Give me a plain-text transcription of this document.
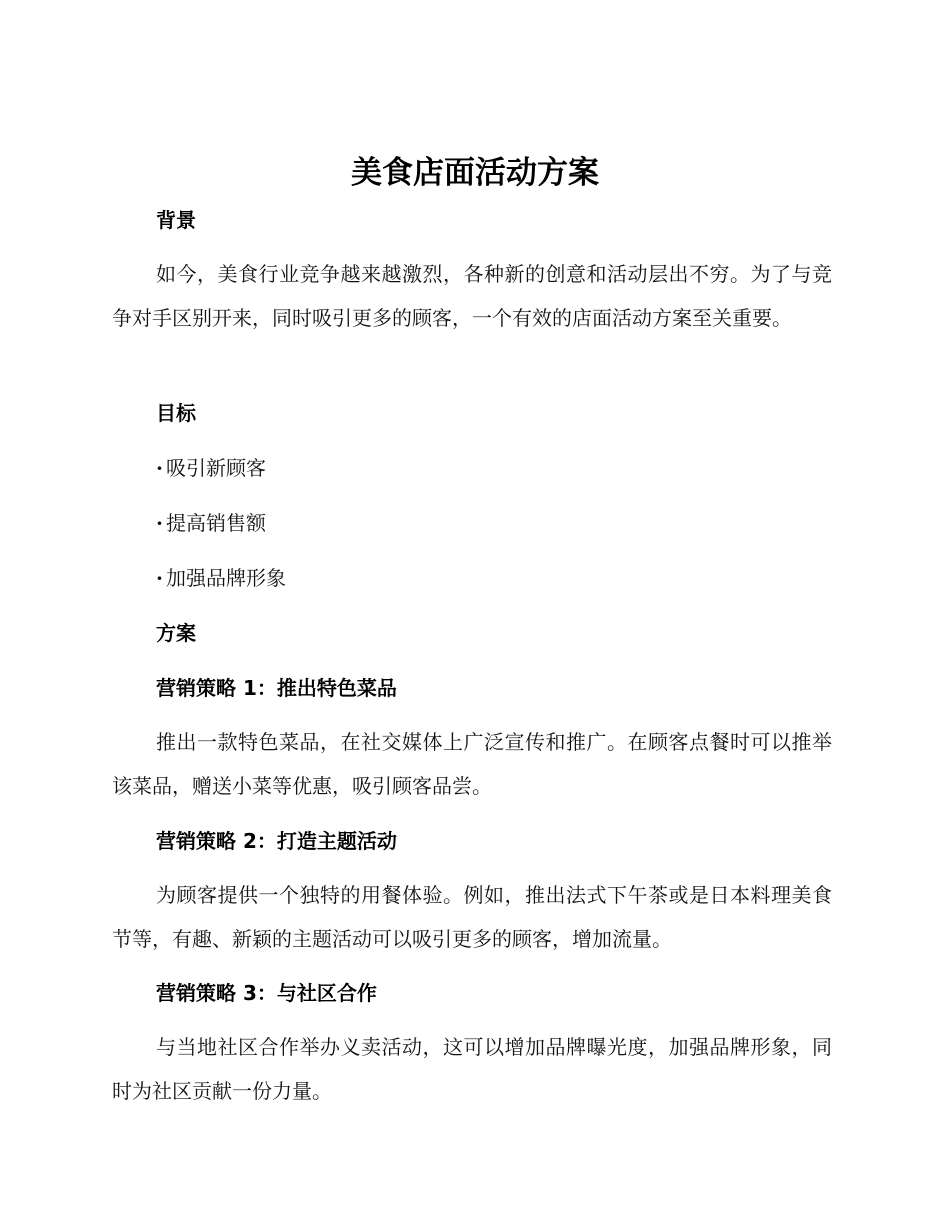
美食店面活动方案
背景

如今，美食行业竞争越来越激烈，各种新的创意和活动层出不穷。为了与竞争对手区别开来，同时吸引更多的顾客，一个有效的店面活动方案至关重要。

目标

· 吸引新顾客

· 提高销售额

· 加强品牌形象

方案
营销策略 1：推出特色菜品

推出一款特色菜品，在社交媒体上广泛宣传和推广。在顾客点餐时可以推举该菜品，赠送小菜等优惠，吸引顾客品尝。

营销策略 2：打造主题活动

为顾客提供一个独特的用餐体验。例如，推出法式下午茶或是日本料理美食节等，有趣、新颖的主题活动可以吸引更多的顾客，增加流量。

营销策略 3：与社区合作

与当地社区合作举办义卖活动，这可以增加品牌曝光度，加强品牌形象，同时为社区贡献一份力量。
